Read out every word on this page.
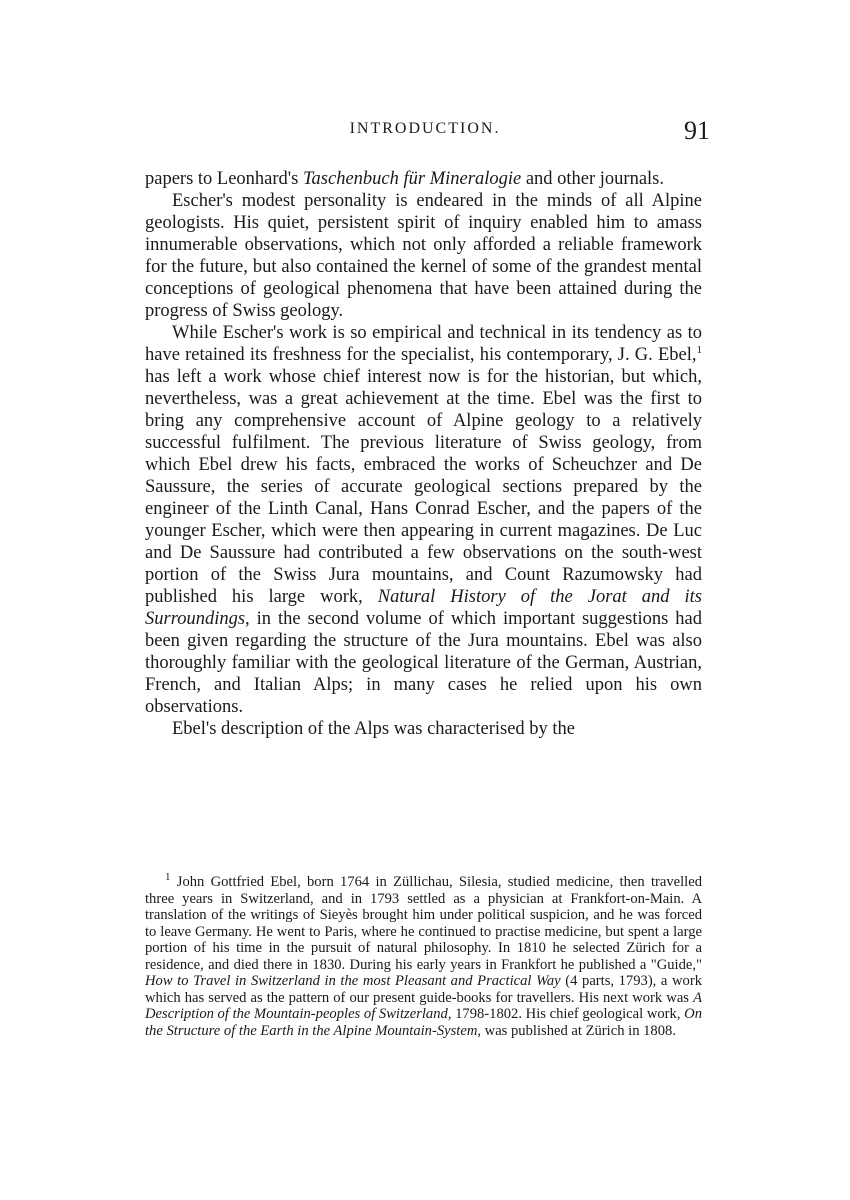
INTRODUCTION.	91

papers to Leonhard's Taschenbuch für Mineralogie and other journals.

Escher's modest personality is endeared in the minds of all Alpine geologists. His quiet, persistent spirit of inquiry enabled him to amass innumerable observations, which not only afforded a reliable framework for the future, but also contained the kernel of some of the grandest mental conceptions of geological phenomena that have been attained during the progress of Swiss geology.

While Escher's work is so empirical and technical in its tendency as to have retained its freshness for the specialist, his contemporary, J. G. Ebel,$^1$ has left a work whose chief interest now is for the historian, but which, nevertheless, was a great achievement at the time. Ebel was the first to bring any comprehensive account of Alpine geology to a relatively successful fulfilment. The previous literature of Swiss geology, from which Ebel drew his facts, embraced the works of Scheuchzer and De Saussure, the series of accurate geological sections prepared by the engineer of the Linth Canal, Hans Conrad Escher, and the papers of the younger Escher, which were then appearing in current magazines. De Luc and De Saussure had contributed a few observations on the south-west portion of the Swiss Jura mountains, and Count Razumowsky had published his large work, Natural History of the Jorat and its Surroundings, in the second volume of which important suggestions had been given regarding the structure of the Jura mountains. Ebel was also thoroughly familiar with the geological literature of the German, Austrian, French, and Italian Alps; in many cases he relied upon his own observations.

Ebel's description of the Alps was characterised by the

$^1$ John Gottfried Ebel, born 1764 in Züllichau, Silesia, studied medicine, then travelled three years in Switzerland, and in 1793 settled as a physician at Frankfort-on-Main. A translation of the writings of Sieyès brought him under political suspicion, and he was forced to leave Germany. He went to Paris, where he continued to practise medicine, but spent a large portion of his time in the pursuit of natural philosophy. In 1810 he selected Zürich for a residence, and died there in 1830. During his early years in Frankfort he published a "Guide," How to Travel in Switzerland in the most Pleasant and Practical Way (4 parts, 1793), a work which has served as the pattern of our present guide-books for travellers. His next work was A Description of the Mountain-peoples of Switzerland, 1798-1802. His chief geological work, On the Structure of the Earth in the Alpine Mountain-System, was published at Zürich in 1808.
